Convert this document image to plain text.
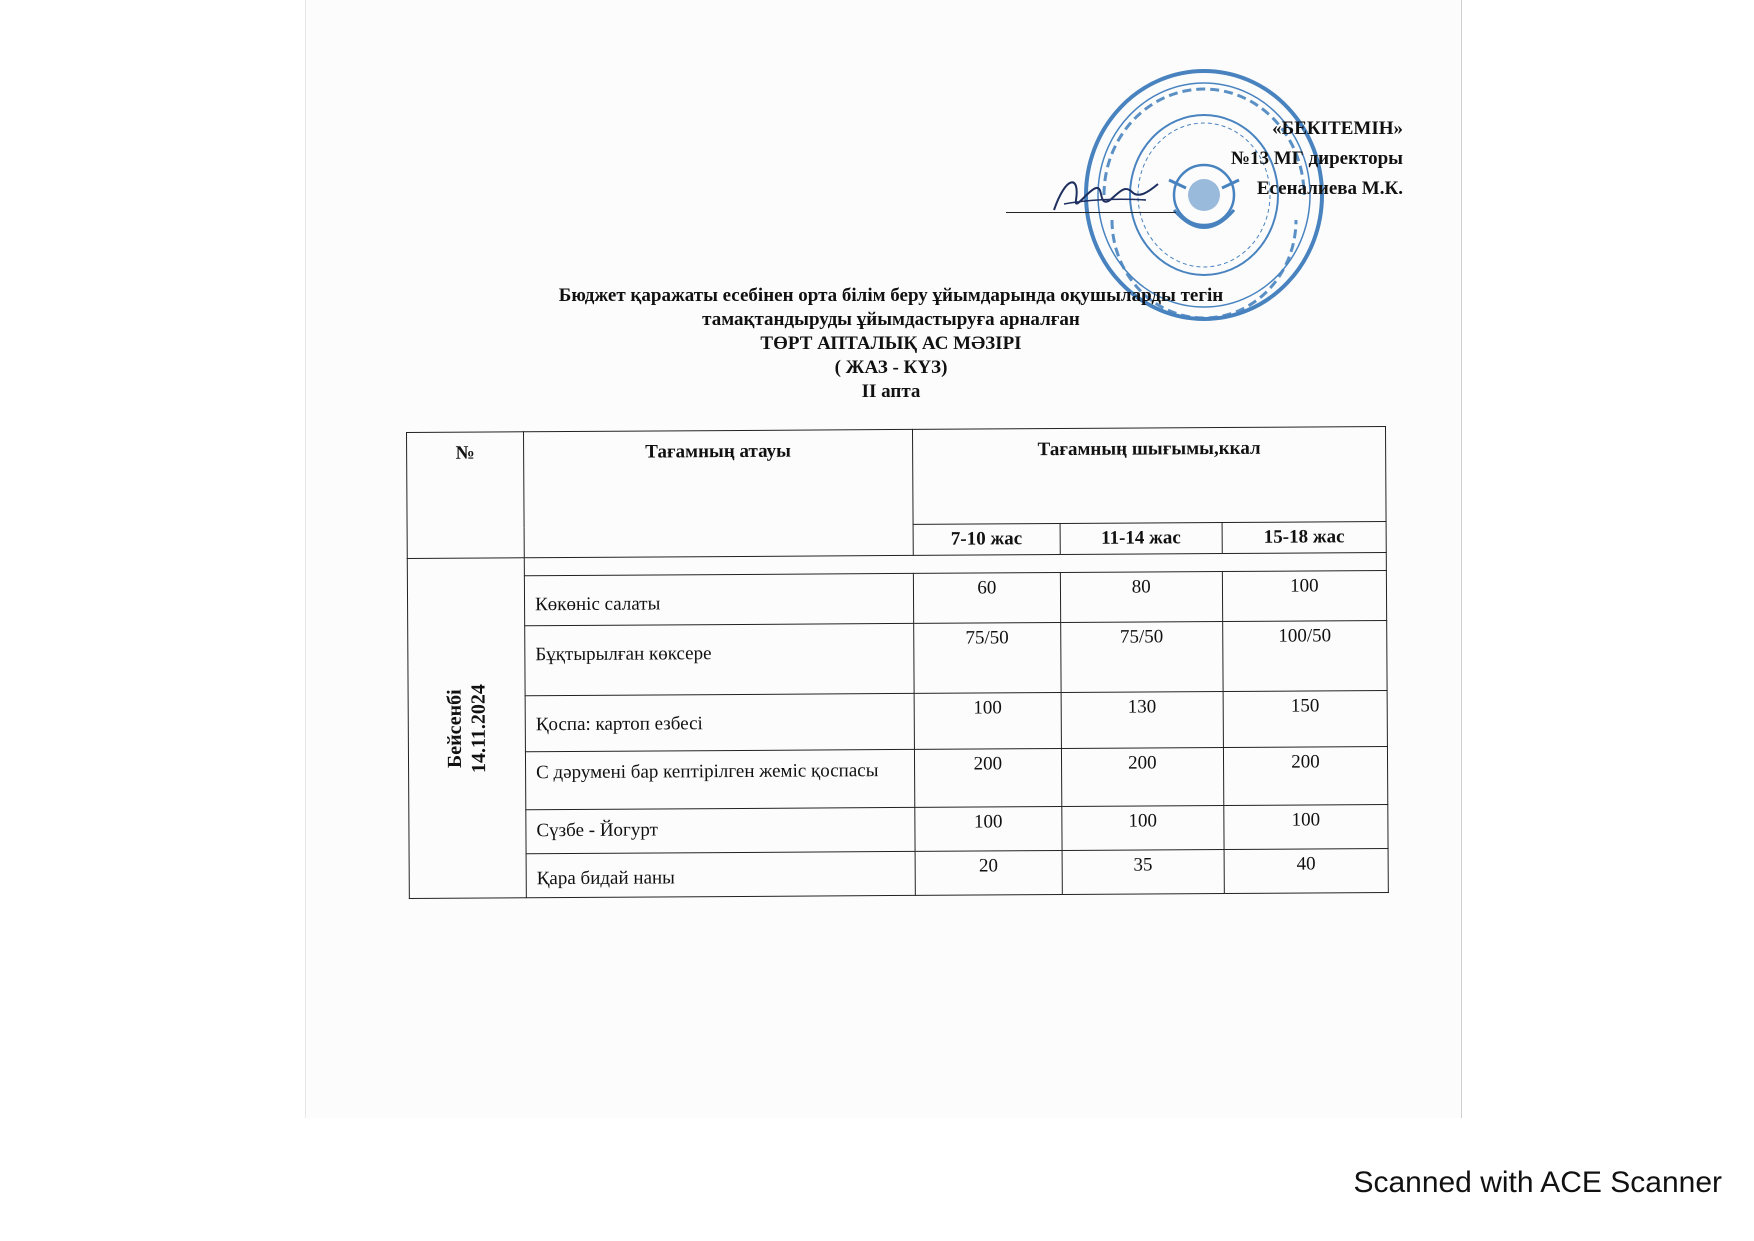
«БЕКІТЕМІН»
№13 МГ директоры
Есеналиева М.К.
Бюджет қаражаты есебінен орта білім беру ұйымдарында оқушыларды тегін
тамақтандыруды ұйымдастыруға арналған
ТӨРТ АПТАЛЫҚ АС МӘЗІРІ
( ЖАЗ - КҮЗ)
II апта
№	Тағамның атауы	Тағамның шығымы,ккал		
		7-10 жас	11-14 жас	15-18 жас

Бейсенбі 14.11.2024				

	Көкөніс салаты	60	80	100
	Бұқтырылған көксере	75/50	75/50	100/50
	Қоспа: картоп езбесі	100	130	150
	С дәрумені бар кептірілген жеміс қоспасы	200	200	200
	Сүзбе - Йогурт	100	100	100
	Қара бидай наны	20	35	40
Scanned with ACE Scanner
